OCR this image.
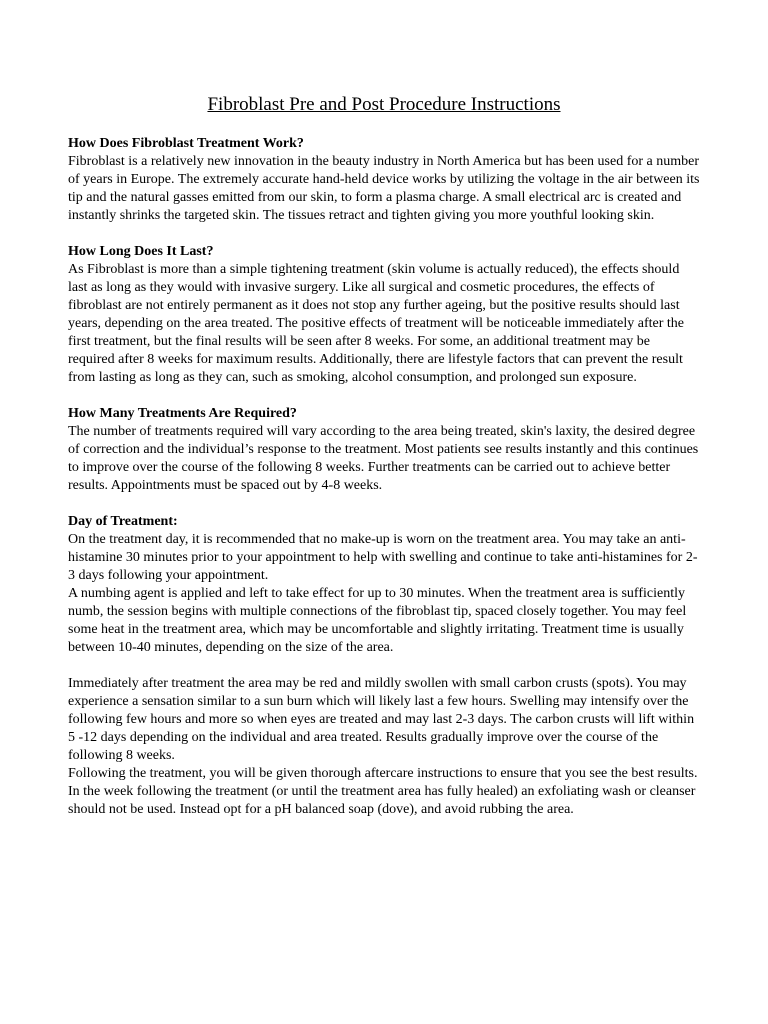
Fibroblast Pre and Post Procedure Instructions
How Does Fibroblast Treatment Work?

Fibroblast is a relatively new innovation in the beauty industry in North America but has been used for a number of years in Europe. The extremely accurate hand-held device works by utilizing the voltage in the air between its tip and the natural gasses emitted from our skin, to form a plasma charge. A small electrical arc is created and instantly shrinks the targeted skin. The tissues retract and tighten giving you more youthful looking skin.

How Long Does It Last?

As Fibroblast is more than a simple tightening treatment (skin volume is actually reduced), the effects should last as long as they would with invasive surgery. Like all surgical and cosmetic procedures, the effects of fibroblast are not entirely permanent as it does not stop any further ageing, but the positive results should last years, depending on the area treated. The positive effects of treatment will be noticeable immediately after the first treatment, but the final results will be seen after 8 weeks. For some, an additional treatment may be required after 8 weeks for maximum results. Additionally, there are lifestyle factors that can prevent the result from lasting as long as they can, such as smoking, alcohol consumption, and prolonged sun exposure.

How Many Treatments Are Required?

The number of treatments required will vary according to the area being treated, skin's laxity, the desired degree of correction and the individual’s response to the treatment. Most patients see results instantly and this continues to improve over the course of the following 8 weeks. Further treatments can be carried out to achieve better results. Appointments must be spaced out by 4-8 weeks.

Day of Treatment:

On the treatment day, it is recommended that no make-up is worn on the treatment area. You may take an anti-histamine 30 minutes prior to your appointment to help with swelling and continue to take anti-histamines for 2-3 days following your appointment.

A numbing agent is applied and left to take effect for up to 30 minutes. When the treatment area is sufficiently numb, the session begins with multiple connections of the fibroblast tip, spaced closely together. You may feel some heat in the treatment area, which may be uncomfortable and slightly irritating. Treatment time is usually between 10-40 minutes, depending on the size of the area.

Immediately after treatment the area may be red and mildly swollen with small carbon crusts (spots). You may experience a sensation similar to a sun burn which will likely last a few hours. Swelling may intensify over the following few hours and more so when eyes are treated and may last 2-3 days. The carbon crusts will lift within 5 -12 days depending on the individual and area treated. Results gradually improve over the course of the following 8 weeks.

Following the treatment, you will be given thorough aftercare instructions to ensure that you see the best results. In the week following the treatment (or until the treatment area has fully healed) an exfoliating wash or cleanser should not be used. Instead opt for a pH balanced soap (dove), and avoid rubbing the area.
